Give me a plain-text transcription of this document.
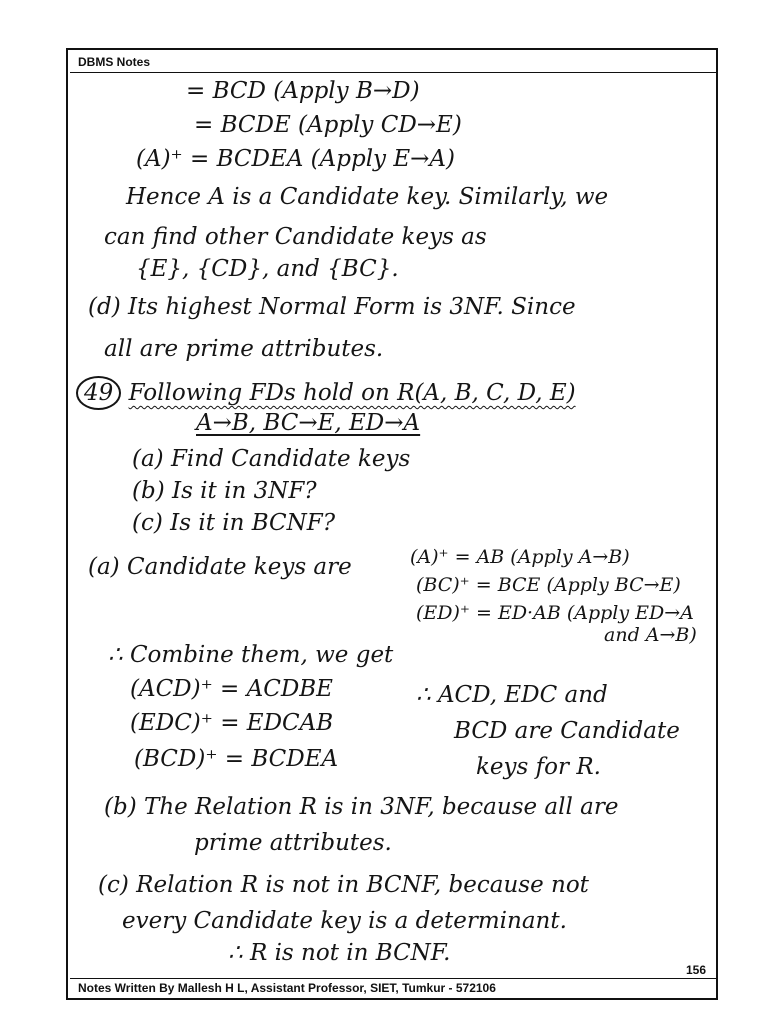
DBMS Notes
= BCD (Apply B→D)
= BCDE (Apply CD→E)
(A)⁺ = BCDEA (Apply E→A)
Hence A is a Candidate key. Similarly, we
can find other Candidate keys as
{E}, {CD}, and {BC}.
(d) Its highest Normal Form is 3NF. Since
all are prime attributes.
49 Following FDs hold on R(A, B, C, D, E)
A→B, BC→E, ED→A
(a) Find Candidate keys
(b) Is it in 3NF?
(c) Is it in BCNF?
(a) Candidate keys are	(A)⁺ = AB (Apply A→B)
(BC)⁺ = BCE (Apply BC→E)
(ED)⁺ = ED·AB (Apply ED→A
and A→B)
∴ Combine them, we get
(ACD)⁺ = ACDBE
(EDC)⁺ = EDCAB
(BCD)⁺ = BCDEA
∴ ACD, EDC and
BCD are Candidate
keys for R.
(b) The Relation R is in 3NF, because all are
prime attributes.
(c) Relation R is not in BCNF, because not
every Candidate key is a determinant.
∴ R is not in BCNF.
156
Notes Written By Mallesh H L, Assistant Professor, SIET, Tumkur - 572106
